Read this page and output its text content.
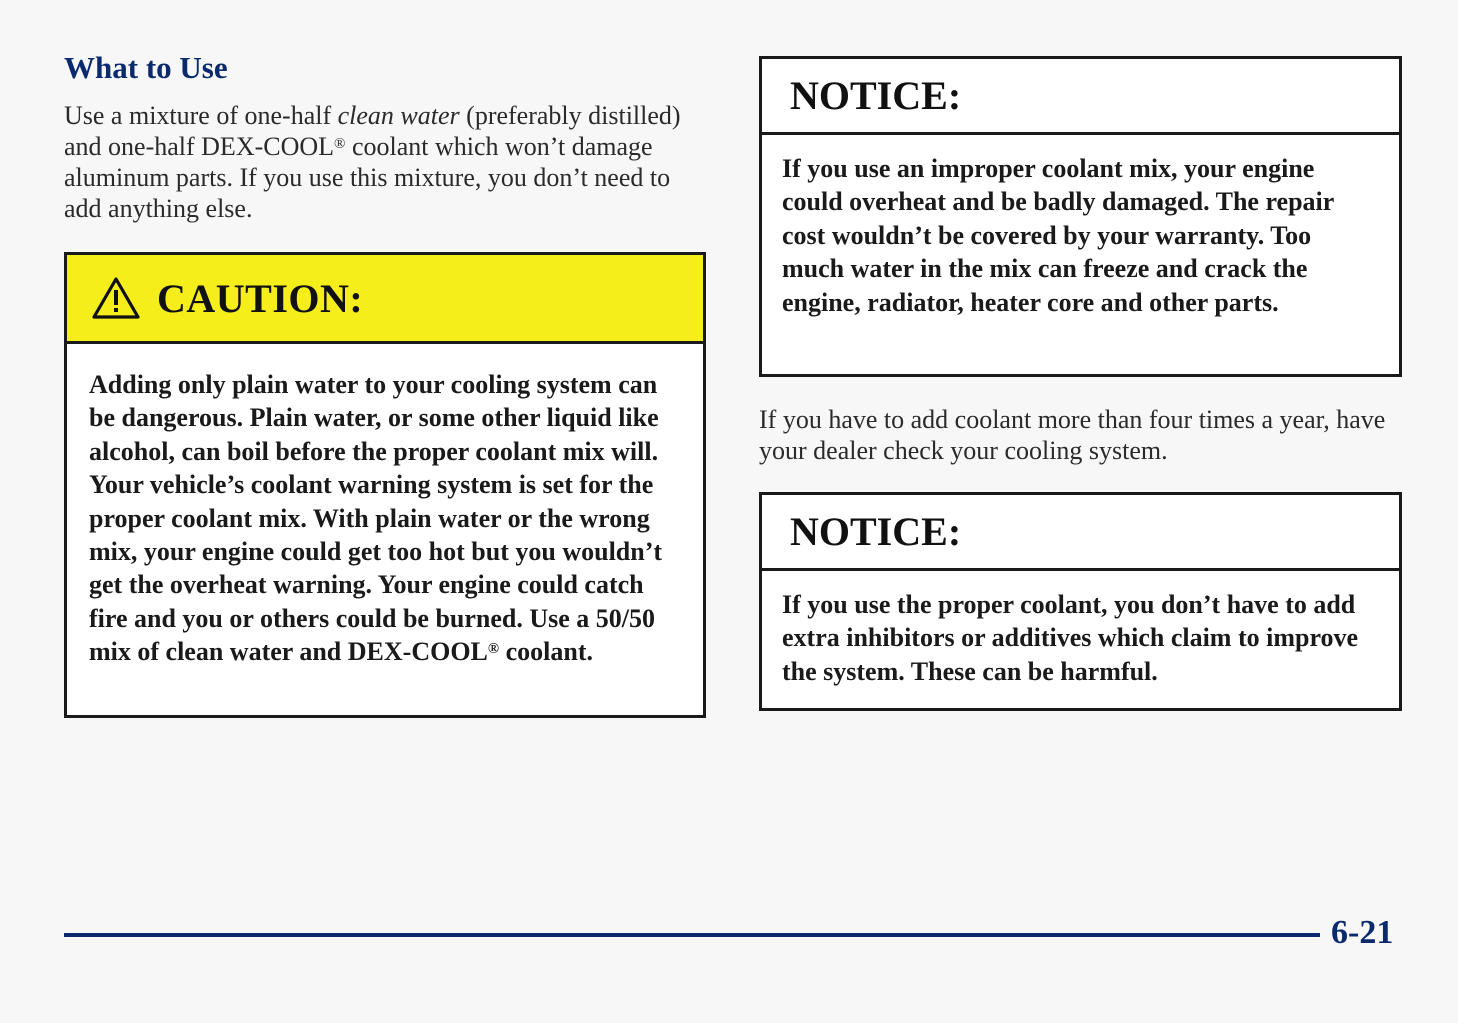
What to Use
Use a mixture of one-half clean water (preferably distilled) and one-half DEX-COOL® coolant which won’t damage aluminum parts. If you use this mixture, you don’t need to add anything else.
CAUTION:
Adding only plain water to your cooling system can be dangerous. Plain water, or some other liquid like alcohol, can boil before the proper coolant mix will. Your vehicle’s coolant warning system is set for the proper coolant mix. With plain water or the wrong mix, your engine could get too hot but you wouldn’t get the overheat warning. Your engine could catch fire and you or others could be burned. Use a 50/50 mix of clean water and DEX-COOL® coolant.
NOTICE:
If you use an improper coolant mix, your engine could overheat and be badly damaged. The repair cost wouldn’t be covered by your warranty. Too much water in the mix can freeze and crack the engine, radiator, heater core and other parts.
If you have to add coolant more than four times a year, have your dealer check your cooling system.
NOTICE:
If you use the proper coolant, you don’t have to add extra inhibitors or additives which claim to improve the system. These can be harmful.
6-21
